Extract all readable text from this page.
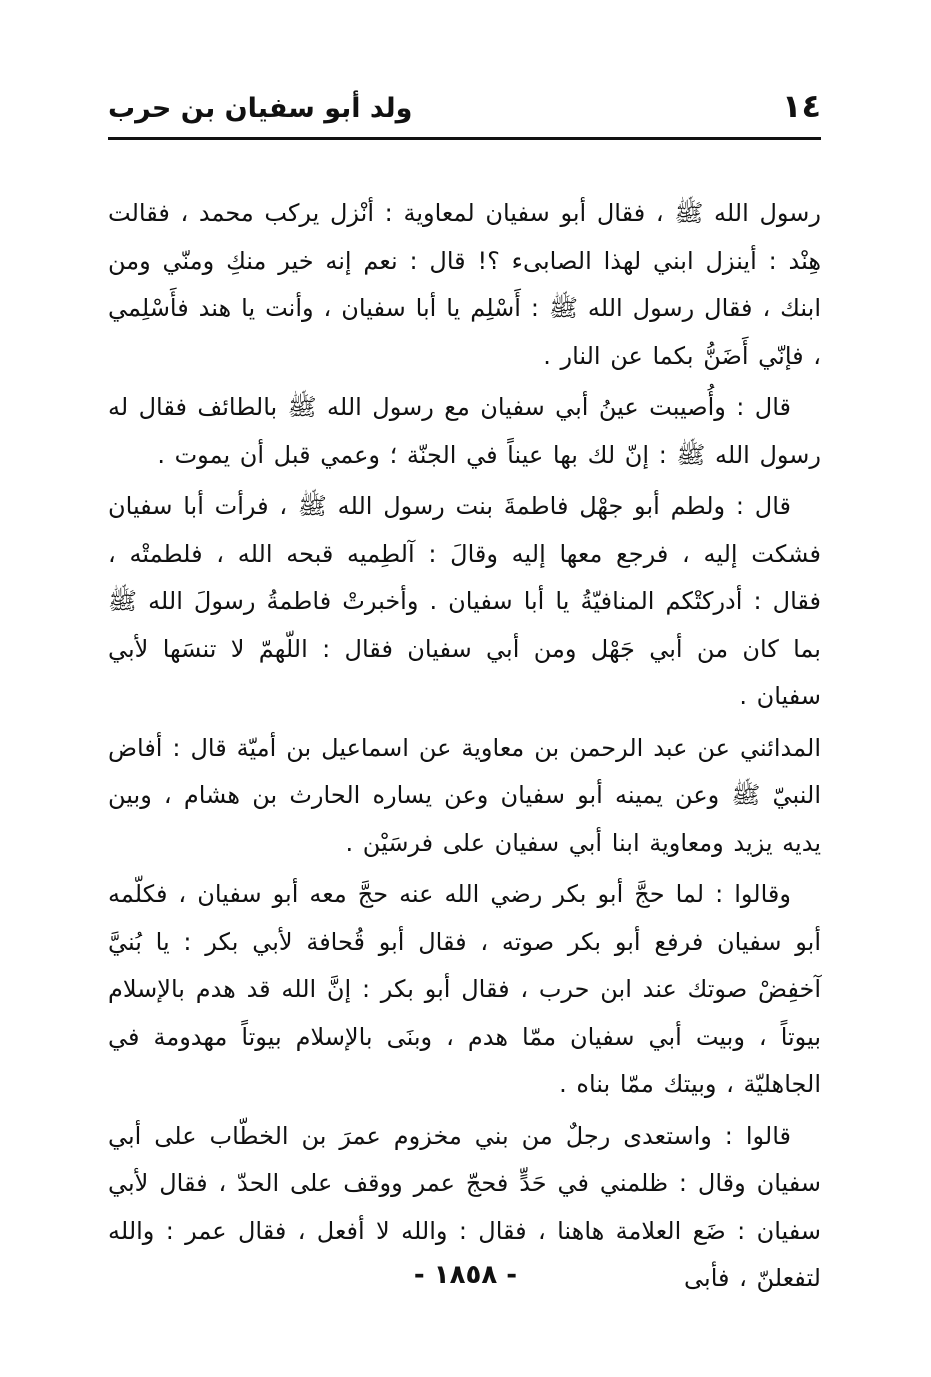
١٤
ولد أبو سفيان بن حرب

رسول الله ﷺ ، فقال أبو سفيان لمعاوية : أنْزل يركب محمد ، فقالت هِنْد : أينزل ابني لهذا الصابىء ؟! قال : نعم إنه خير منكِ ومنّي ومن ابنك ، فقال رسول الله ﷺ : أَسْلِم يا أبا سفيان ، وأنت يا هند فأَسْلِمي ، فإنّي أَضَنُّ بكما عن النار .

قال : وأُصيبت عينُ أبي سفيان مع رسول الله ﷺ بالطائف فقال له رسول الله ﷺ : إنّ لك بها عيناً في الجنّة ؛ وعمي قبل أن يموت .

قال : ولطم أبو جهْل فاطمةَ بنت رسول الله ﷺ ، فرأت أبا سفيان فشكت إليه ، فرجع معها إليه وقالَ : آلطِميه قبحه الله ، فلطمتْه ، فقال : أدركتْكم المنافيّةُ يا أبا سفيان . وأخبرتْ فاطمةُ رسولَ الله ﷺ بما كان من أبي جَهْل ومن أبي سفيان فقال : اللّهمّ لا تنسَها لأبي سفيان .

المدائني عن عبد الرحمن بن معاوية عن اسماعيل بن أميّة قال : أفاض النبيّ ﷺ وعن يمينه أبو سفيان وعن يساره الحارث بن هشام ، وبين يديه يزيد ومعاوية ابنا أبي سفيان على فرسَيْن .

وقالوا : لما حجَّ أبو بكر رضي الله عنه حجَّ معه أبو سفيان ، فكلّمه أبو سفيان فرفع أبو بكر صوته ، فقال أبو قُحافة لأبي بكر : يا بُنيَّ آخفِضْ صوتك عند ابن حرب ، فقال أبو بكر : إنَّ الله قد هدم بالإسلام بيوتاً ، وبيت أبي سفيان ممّا هدم ، وبنَى بالإسلام بيوتاً مهدومة في الجاهليّة ، وبيتك ممّا بناه .

قالوا : واستعدى رجلٌ من بني مخزوم عمرَ بن الخطّاب على أبي سفيان وقال : ظلمني في حَدٍّ فحجّ عمر ووقف على الحدّ ، فقال لأبي سفيان : ضَع العلامة هاهنا ، فقال : والله لا أفعل ، فقال عمر : والله لتفعلنّ ، فأبى

- ١٨٥٨ -
